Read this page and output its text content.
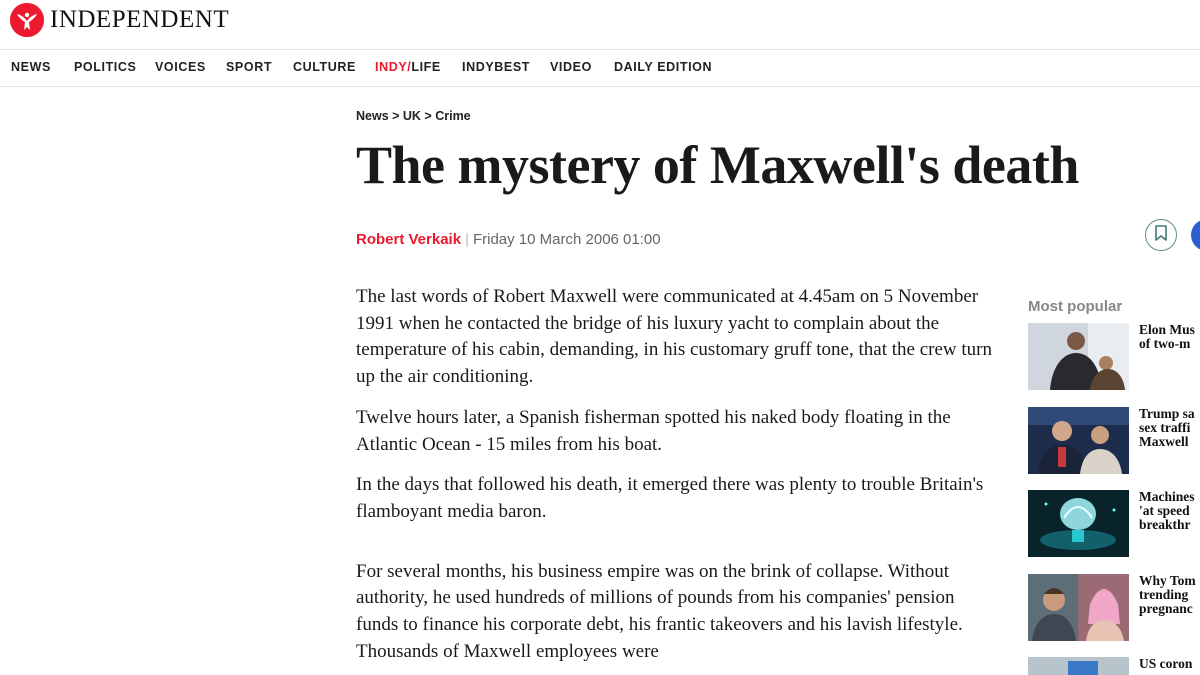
INDEPENDENT
NEWS POLITICS VOICES SPORT CULTURE INDY/LIFE INDYBEST VIDEO DAILY EDITION
News > UK > Crime
The mystery of Maxwell's death
Robert Verkaik | Friday 10 March 2006 01:00

The last words of Robert Maxwell were communicated at 4.45am on 5 November 1991 when he contacted the bridge of his luxury yacht to complain about the temperature of his cabin, demanding, in his customary gruff tone, that the crew turn up the air conditioning.

Twelve hours later, a Spanish fisherman spotted his naked body floating in the Atlantic Ocean - 15 miles from his boat.

In the days that followed his death, it emerged there was plenty to trouble Britain's flamboyant media baron.

For several months, his business empire was on the brink of collapse. Without authority, he used hundreds of millions of pounds from his companies' pension funds to finance his corporate debt, his frantic takeovers and his lavish lifestyle. Thousands of Maxwell employees were

Most popular
Elon Mus
of two-m
Trump sa
sex traffi
Maxwell
Machines
'at speed
breakthr
Why Tom
trending
pregnanc
US coron
